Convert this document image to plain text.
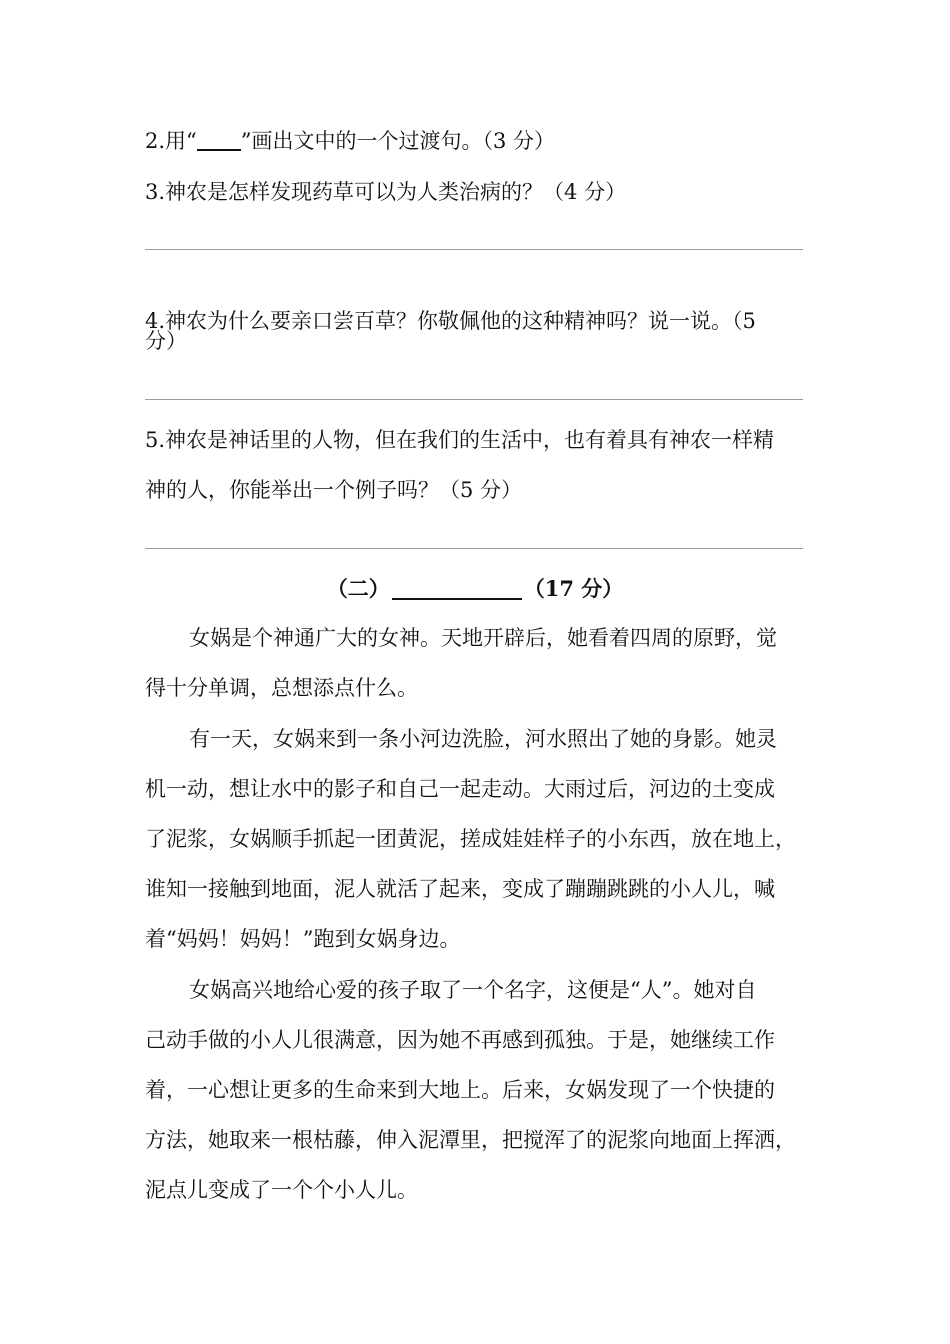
2.用“ ”画出文中的一个过渡句。（3 分）
3.神农是怎样发现药草可以为人类治病的？（4 分）
4.神农为什么要亲口尝百草？你敬佩他的这种精神吗？说一说。（5
分）
5.神农是神话里的人物，但在我们的生活中，也有着具有神农一样精
神的人，你能举出一个例子吗？（5 分）
（二）	（17 分）
女娲是个神通广大的女神。天地开辟后，她看着四周的原野，觉
得十分单调，总想添点什么。
有一天，女娲来到一条小河边洗脸，河水照出了她的身影。她灵
机一动，想让水中的影子和自己一起走动。大雨过后，河边的土变成
了泥浆，女娲顺手抓起一团黄泥，搓成娃娃样子的小东西，放在地上，
谁知一接触到地面，泥人就活了起来，变成了蹦蹦跳跳的小人儿，喊
着“妈妈！妈妈！”跑到女娲身边。
女娲高兴地给心爱的孩子取了一个名字，这便是“人”。她对自
己动手做的小人儿很满意，因为她不再感到孤独。于是，她继续工作
着，一心想让更多的生命来到大地上。后来，女娲发现了一个快捷的
方法，她取来一根枯藤，伸入泥潭里，把搅浑了的泥浆向地面上挥洒，
泥点儿变成了一个个小人儿。
